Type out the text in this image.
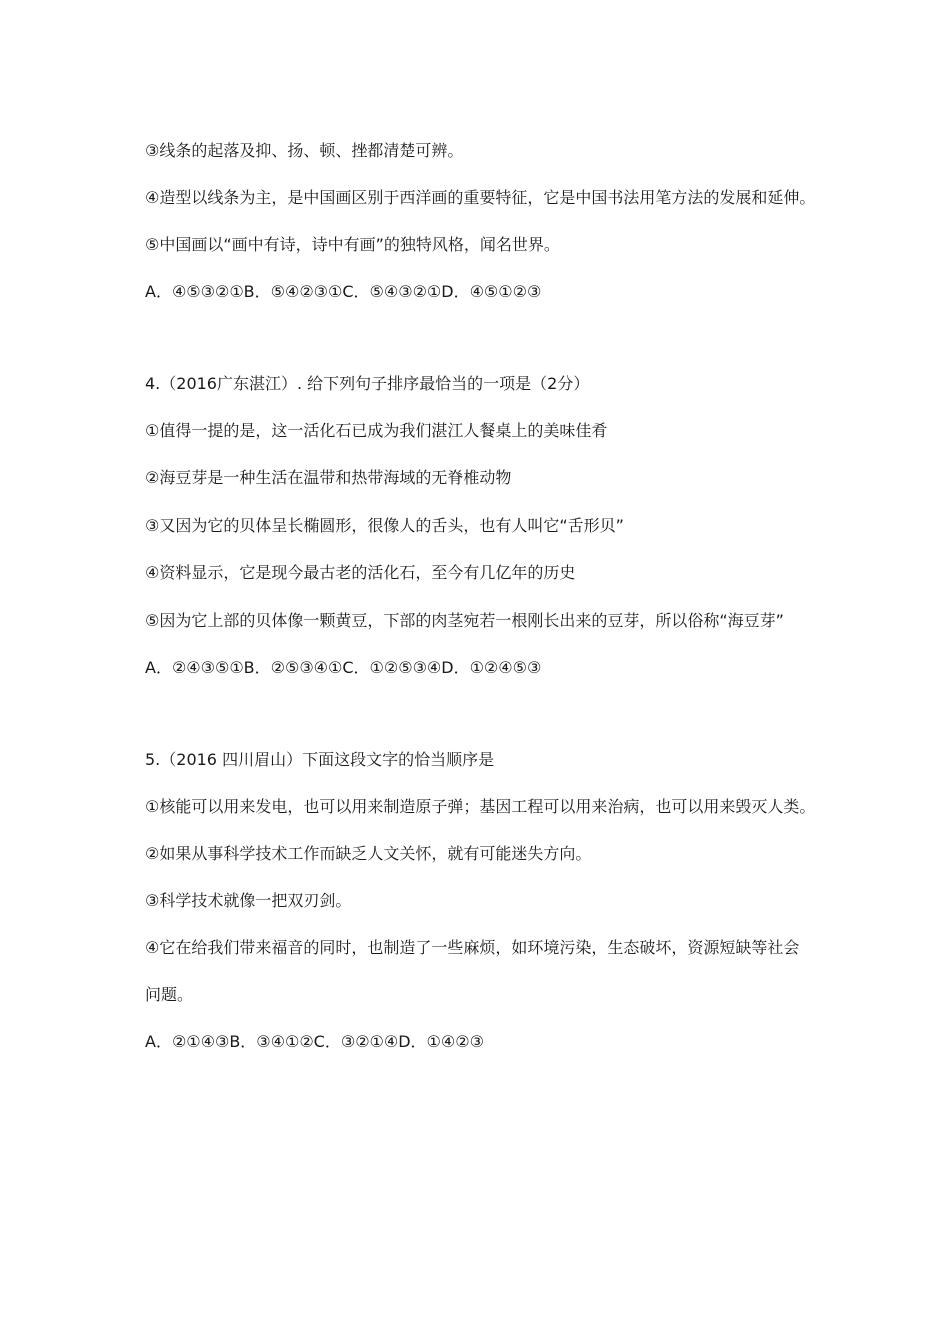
③线条的起落及抑、扬、顿、挫都清楚可辨。
④造型以线条为主，是中国画区别于西洋画的重要特征，它是中国书法用笔方法的发展和延伸。
⑤中国画以“画中有诗，诗中有画”的独特风格，闻名世界。
A．④⑤③②①B．⑤④②③①C．⑤④③②①D．④⑤①②③
4.（2016广东湛江）. 给下列句子排序最恰当的一项是（2分）
①值得一提的是，这一活化石已成为我们湛江人餐桌上的美味佳肴
②海豆芽是一种生活在温带和热带海域的无脊椎动物
③又因为它的贝体呈长椭圆形，很像人的舌头，也有人叫它“舌形贝”
④资料显示，它是现今最古老的活化石，至今有几亿年的历史
⑤因为它上部的贝体像一颗黄豆，下部的肉茎宛若一根刚长出来的豆芽，所以俗称“海豆芽”
A．②④③⑤①B．②⑤③④①C．①②⑤③④D．①②④⑤③
5.（2016 四川眉山）下面这段文字的恰当顺序是
①核能可以用来发电，也可以用来制造原子弹；基因工程可以用来治病，也可以用来毁灭人类。
②如果从事科学技术工作而缺乏人文关怀，就有可能迷失方向。
③科学技术就像一把双刃剑。
④它在给我们带来福音的同时，也制造了一些麻烦，如环境污染，生态破坏，资源短缺等社会
问题。
A．②①④③B．③④①②C．③②①④D．①④②③
